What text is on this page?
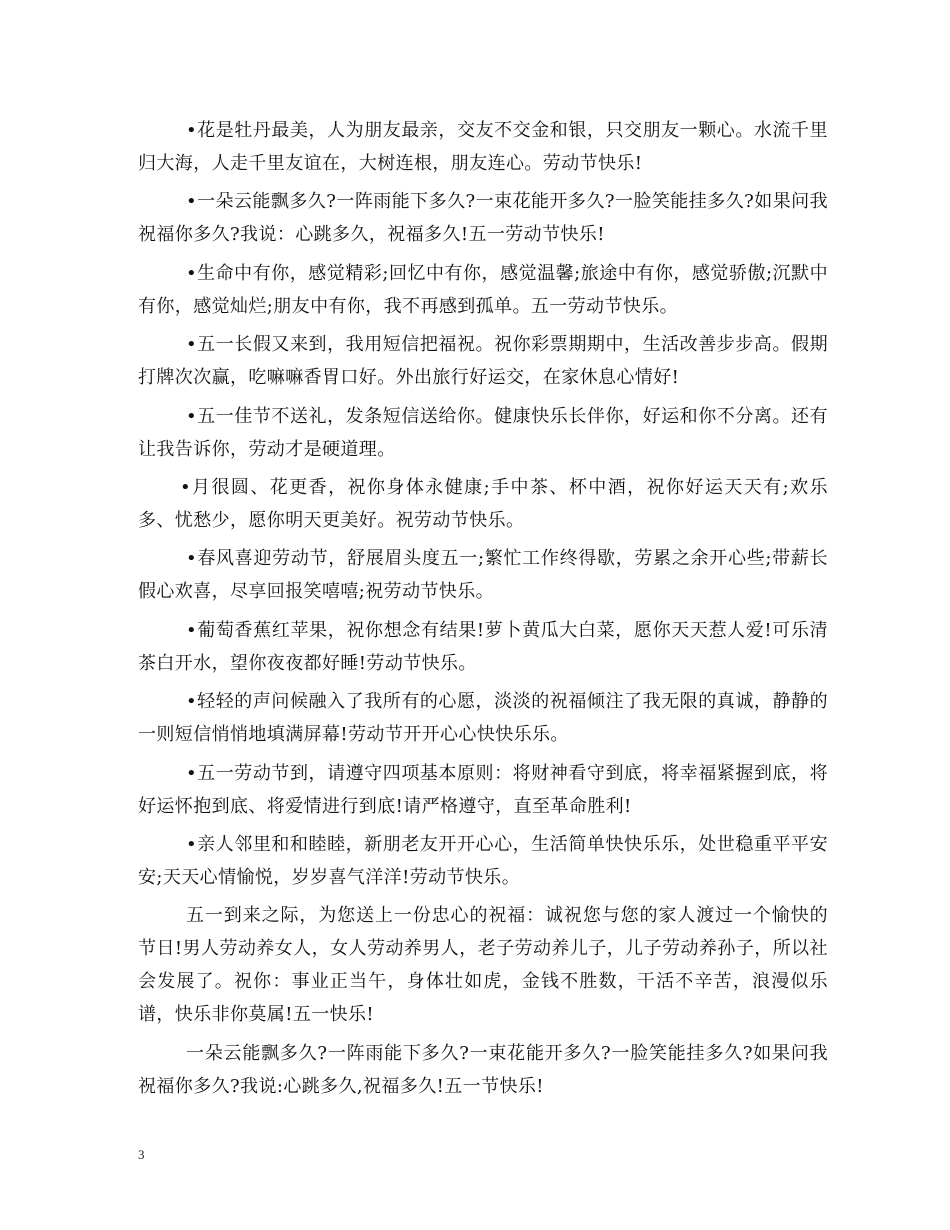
•花是牡丹最美，人为朋友最亲，交友不交金和银，只交朋友一颗心。水流千里归大海，人走千里友谊在，大树连根，朋友连心。劳动节快乐!

•一朵云能飘多久?一阵雨能下多久?一束花能开多久?一脸笑能挂多久?如果问我祝福你多久?我说：心跳多久，祝福多久!五一劳动节快乐!

•生命中有你，感觉精彩;回忆中有你，感觉温馨;旅途中有你，感觉骄傲;沉默中有你，感觉灿烂;朋友中有你，我不再感到孤单。五一劳动节快乐。

•五一长假又来到，我用短信把福祝。祝你彩票期期中，生活改善步步高。假期打牌次次赢，吃嘛嘛香胃口好。外出旅行好运交，在家休息心情好!

•五一佳节不送礼，发条短信送给你。健康快乐长伴你，好运和你不分离。还有让我告诉你，劳动才是硬道理。

•月很圆、花更香，祝你身体永健康;手中茶、杯中酒，祝你好运天天有;欢乐多、忧愁少，愿你明天更美好。祝劳动节快乐。

•春风喜迎劳动节，舒展眉头度五一;繁忙工作终得歇，劳累之余开心些;带薪长假心欢喜，尽享回报笑嘻嘻;祝劳动节快乐。

•葡萄香蕉红苹果，祝你想念有结果!萝卜黄瓜大白菜，愿你天天惹人爱!可乐清茶白开水，望你夜夜都好睡!劳动节快乐。

•轻轻的声问候融入了我所有的心愿，淡淡的祝福倾注了我无限的真诚，静静的一则短信悄悄地填满屏幕!劳动节开开心心快快乐乐。

•五一劳动节到，请遵守四项基本原则：将财神看守到底，将幸福紧握到底，将好运怀抱到底、将爱情进行到底!请严格遵守，直至革命胜利!

•亲人邻里和和睦睦，新朋老友开开心心，生活简单快快乐乐，处世稳重平平安安;天天心情愉悦，岁岁喜气洋洋!劳动节快乐。

五一到来之际，为您送上一份忠心的祝福：诚祝您与您的家人渡过一个愉快的节日!男人劳动养女人，女人劳动养男人，老子劳动养儿子，儿子劳动养孙子，所以社会发展了。祝你：事业正当午，身体壮如虎，金钱不胜数，干活不辛苦，浪漫似乐谱，快乐非你莫属!五一快乐!

一朵云能飘多久?一阵雨能下多久?一束花能开多久?一脸笑能挂多久?如果问我祝福你多久?我说:心跳多久,祝福多久!五一节快乐!

3
